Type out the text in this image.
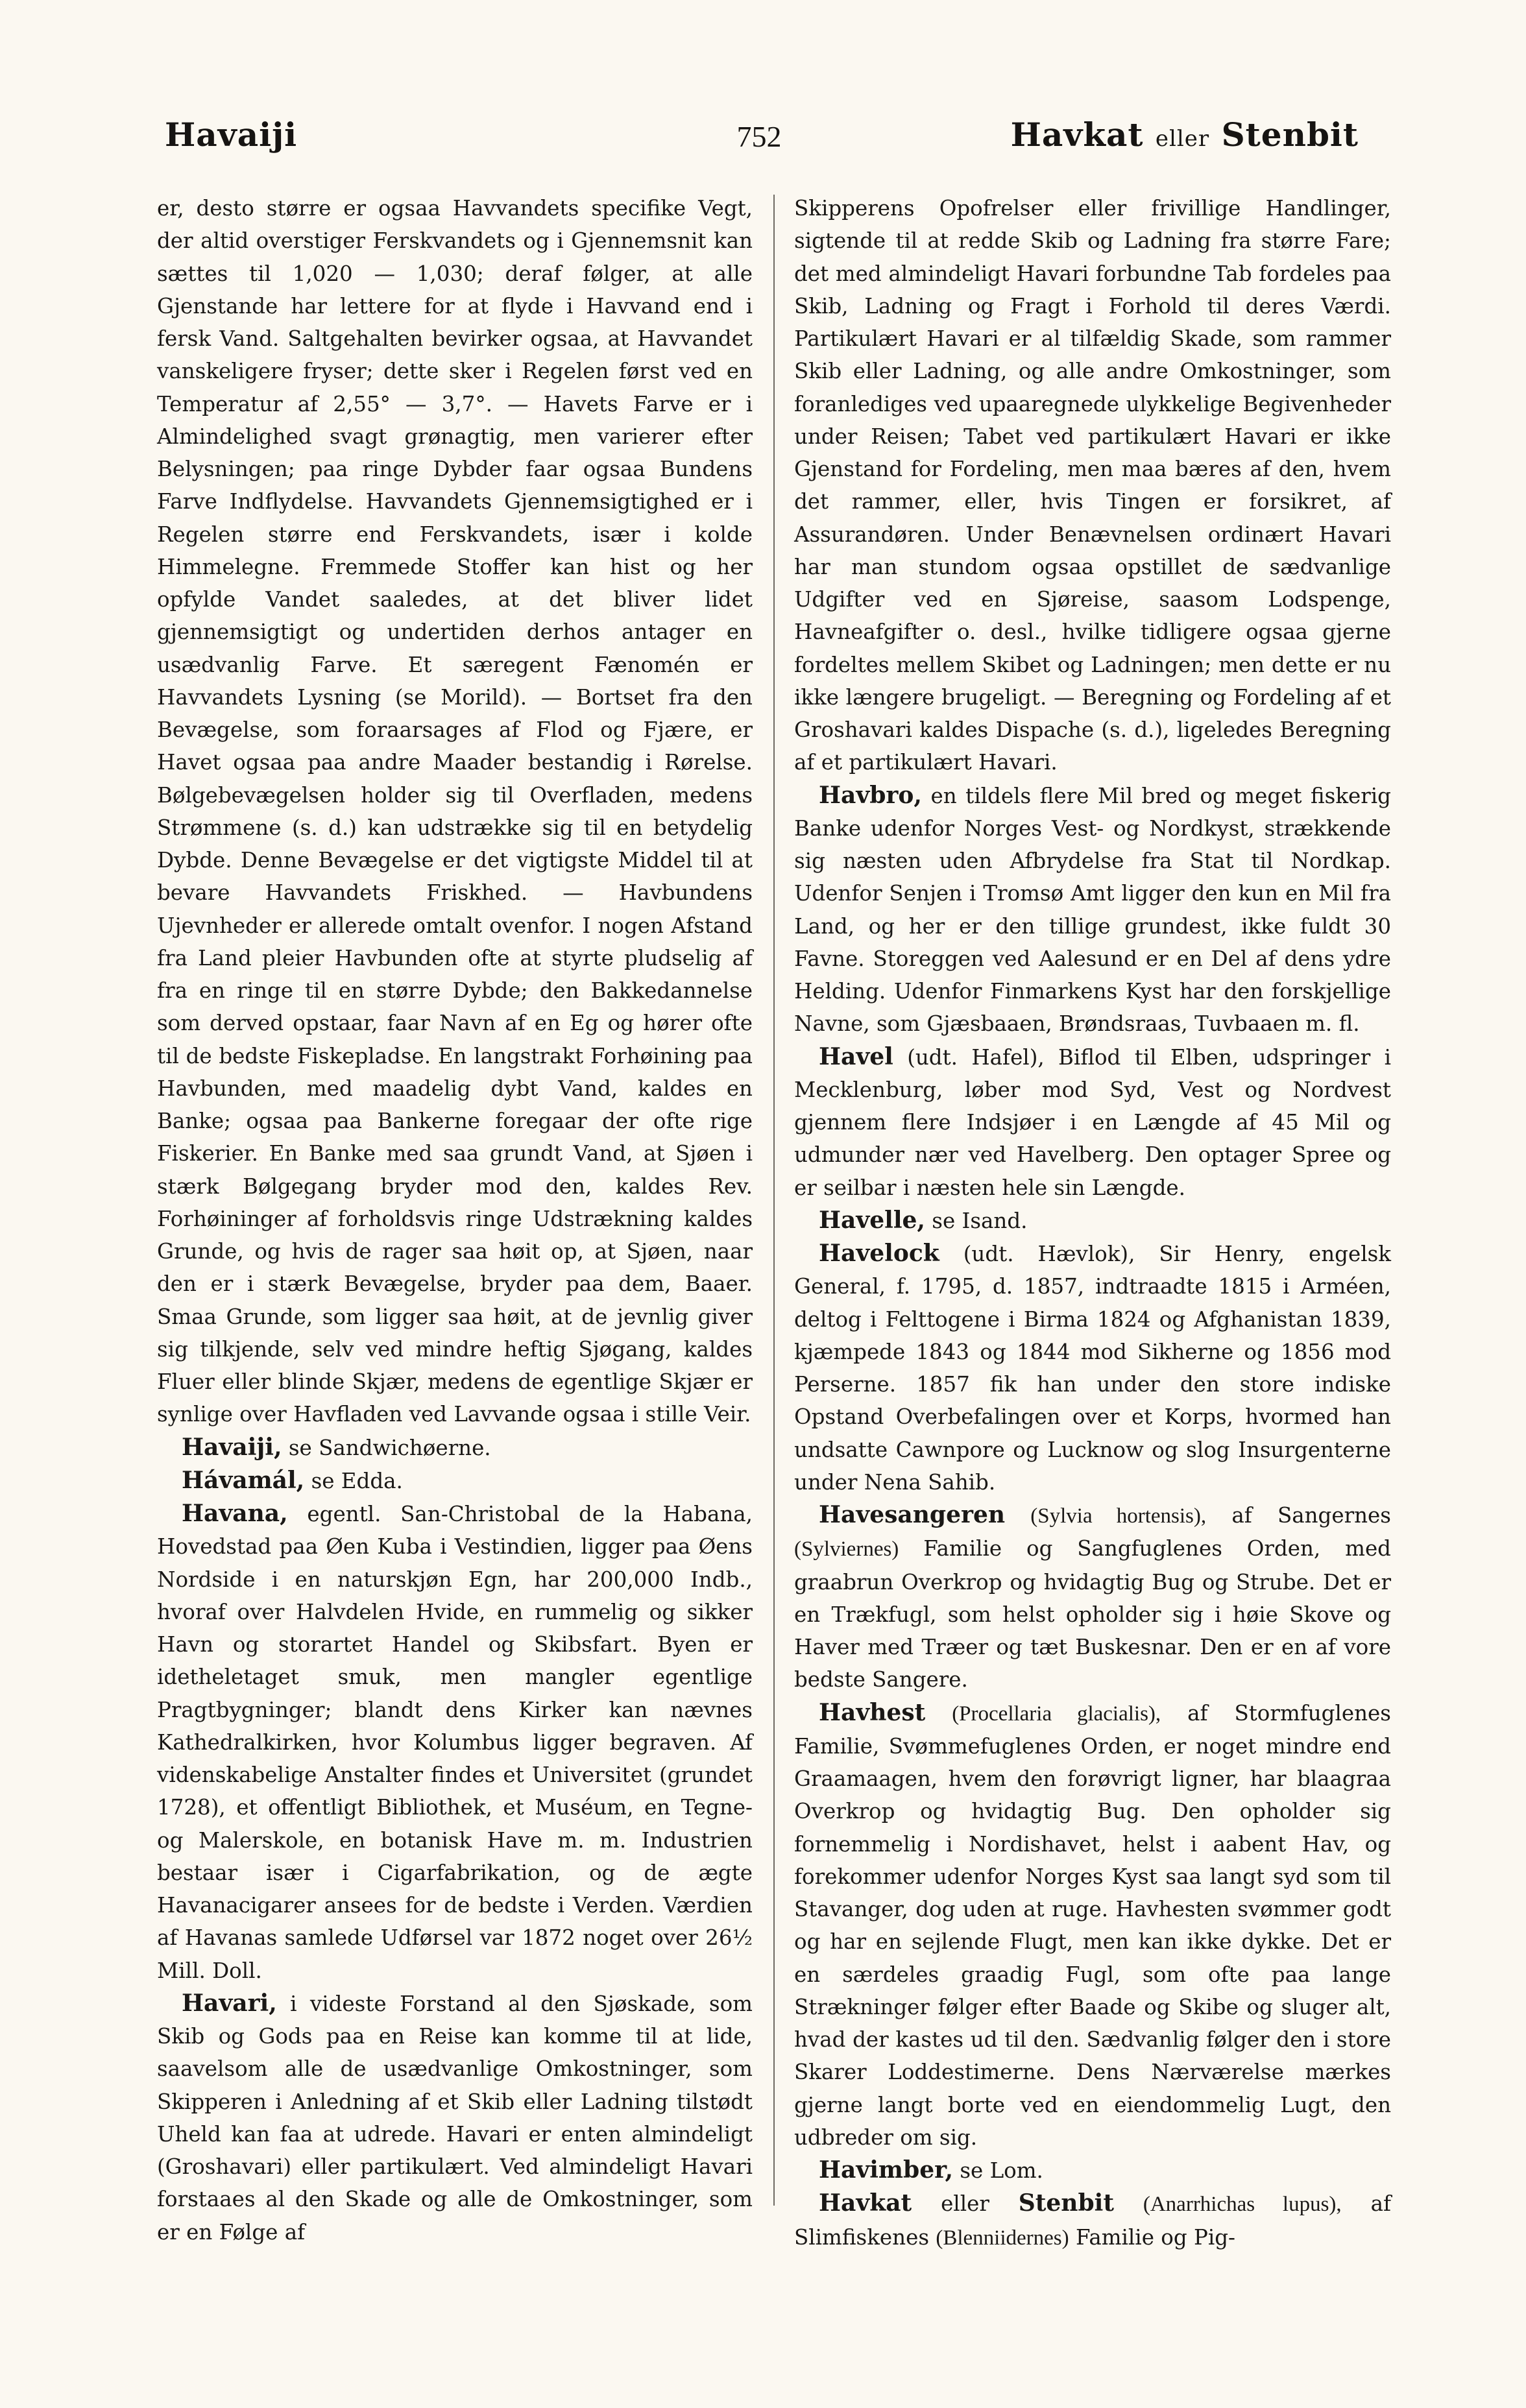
Havaiji	752	Havkat eller Stenbit

er, desto større er ogsaa Havvandets specifike Vegt, der altid overstiger Ferskvandets og i Gjennemsnit kan sættes til 1,020 — 1,030; deraf følger, at alle Gjenstande har lettere for at flyde i Havvand end i fersk Vand. Saltgehalten bevirker ogsaa, at Havvandet vanskeligere fryser; dette sker i Regelen først ved en Temperatur af 2,55° — 3,7°. — Havets Farve er i Almindelighed svagt grønagtig, men varierer efter Belysningen; paa ringe Dybder faar ogsaa Bundens Farve Indflydelse. Havvandets Gjennemsigtighed er i Regelen større end Ferskvandets, især i kolde Himmelegne. Fremmede Stoffer kan hist og her opfylde Vandet saaledes, at det bliver lidet gjennemsigtigt og undertiden derhos antager en usædvanlig Farve. Et særegent Fænomén er Havvandets Lysning (se Morild). — Bortset fra den Bevægelse, som foraarsages af Flod og Fjære, er Havet ogsaa paa andre Maader bestandig i Rørelse. Bølgebevægelsen holder sig til Overfladen, medens Strømmene (s. d.) kan udstrække sig til en betydelig Dybde. Denne Bevægelse er det vigtigste Middel til at bevare Havvandets Friskhed. — Havbundens Ujevnheder er allerede omtalt ovenfor. I nogen Afstand fra Land pleier Havbunden ofte at styrte pludselig af fra en ringe til en større Dybde; den Bakkedannelse som derved opstaar, faar Navn af en Eg og hører ofte til de bedste Fiskepladse. En langstrakt Forhøining paa Havbunden, med maadelig dybt Vand, kaldes en Banke; ogsaa paa Bankerne foregaar der ofte rige Fiskerier. En Banke med saa grundt Vand, at Sjøen i stærk Bølgegang bryder mod den, kaldes Rev. Forhøininger af forholdsvis ringe Udstrækning kaldes Grunde, og hvis de rager saa høit op, at Sjøen, naar den er i stærk Bevægelse, bryder paa dem, Baaer. Smaa Grunde, som ligger saa høit, at de jevnlig giver sig tilkjende, selv ved mindre heftig Sjøgang, kaldes Fluer eller blinde Skjær, medens de egentlige Skjær er synlige over Havfladen ved Lavvande ogsaa i stille Veir.

Havaiji, se Sandwichøerne.

Hávamál, se Edda.

Havana, egentl. San-Christobal de la Habana, Hovedstad paa Øen Kuba i Vestindien, ligger paa Øens Nordside i en naturskjøn Egn, har 200,000 Indb., hvoraf over Halvdelen Hvide, en rummelig og sikker Havn og storartet Handel og Skibsfart. Byen er idetheletaget smuk, men mangler egentlige Pragtbygninger; blandt dens Kirker kan nævnes Kathedralkirken, hvor Kolumbus ligger begraven. Af videnskabelige Anstalter findes et Universitet (grundet 1728), et offentligt Bibliothek, et Muséum, en Tegne- og Malerskole, en botanisk Have m. m. Industrien bestaar især i Cigarfabrikation, og de ægte Havanacigarer ansees for de bedste i Verden. Værdien af Havanas samlede Udførsel var 1872 noget over 26½ Mill. Doll.

Havari, i videste Forstand al den Sjøskade, som Skib og Gods paa en Reise kan komme til at lide, saavelsom alle de usædvanlige Omkostninger, som Skipperen i Anledning af et Skib eller Ladning tilstødt Uheld kan faa at udrede. Havari er enten almindeligt (Groshavari) eller partikulært. Ved almindeligt Havari forstaaes al den Skade og alle de Omkostninger, som er en Følge af

Skipperens Opofrelser eller frivillige Handlinger, sigtende til at redde Skib og Ladning fra større Fare; det med almindeligt Havari forbundne Tab fordeles paa Skib, Ladning og Fragt i Forhold til deres Værdi. Partikulært Havari er al tilfældig Skade, som rammer Skib eller Ladning, og alle andre Omkostninger, som foranlediges ved upaaregnede ulykkelige Begivenheder under Reisen; Tabet ved partikulært Havari er ikke Gjenstand for Fordeling, men maa bæres af den, hvem det rammer, eller, hvis Tingen er forsikret, af Assurandøren. Under Benævnelsen ordinært Havari har man stundom ogsaa opstillet de sædvanlige Udgifter ved en Sjøreise, saasom Lodspenge, Havneafgifter o. desl., hvilke tidligere ogsaa gjerne fordeltes mellem Skibet og Ladningen; men dette er nu ikke længere brugeligt. — Beregning og Fordeling af et Groshavari kaldes Dispache (s. d.), ligeledes Beregning af et partikulært Havari.

Havbro, en tildels flere Mil bred og meget fiskerig Banke udenfor Norges Vest- og Nordkyst, strækkende sig næsten uden Afbrydelse fra Stat til Nordkap. Udenfor Senjen i Tromsø Amt ligger den kun en Mil fra Land, og her er den tillige grundest, ikke fuldt 30 Favne. Storeggen ved Aalesund er en Del af dens ydre Helding. Udenfor Finmarkens Kyst har den forskjellige Navne, som Gjæsbaaen, Brøndsraas, Tuvbaaen m. fl.

Havel (udt. Hafel), Biflod til Elben, udspringer i Mecklenburg, løber mod Syd, Vest og Nordvest gjennem flere Indsjøer i en Længde af 45 Mil og udmunder nær ved Havelberg. Den optager Spree og er seilbar i næsten hele sin Længde.

Havelle, se Isand.

Havelock (udt. Hævlok), Sir Henry, engelsk General, f. 1795, d. 1857, indtraadte 1815 i Arméen, deltog i Felttogene i Birma 1824 og Afghanistan 1839, kjæmpede 1843 og 1844 mod Sikherne og 1856 mod Perserne. 1857 fik han under den store indiske Opstand Overbefalingen over et Korps, hvormed han undsatte Cawnpore og Lucknow og slog Insurgenterne under Nena Sahib.

Havesangeren (Sylvia hortensis), af Sangernes (Sylviernes) Familie og Sangfuglenes Orden, med graabrun Overkrop og hvidagtig Bug og Strube. Det er en Trækfugl, som helst opholder sig i høie Skove og Haver med Træer og tæt Buskesnar. Den er en af vore bedste Sangere.

Havhest (Procellaria glacialis), af Stormfuglenes Familie, Svømmefuglenes Orden, er noget mindre end Graamaagen, hvem den forøvrigt ligner, har blaagraa Overkrop og hvidagtig Bug. Den opholder sig fornemmelig i Nordishavet, helst i aabent Hav, og forekommer udenfor Norges Kyst saa langt syd som til Stavanger, dog uden at ruge. Havhesten svømmer godt og har en sejlende Flugt, men kan ikke dykke. Det er en særdeles graadig Fugl, som ofte paa lange Strækninger følger efter Baade og Skibe og sluger alt, hvad der kastes ud til den. Sædvanlig følger den i store Skarer Loddestimerne. Dens Nærværelse mærkes gjerne langt borte ved en eiendommelig Lugt, den udbreder om sig.

Havimber, se Lom.

Havkat eller Stenbit (Anarrhichas lupus), af Slimfiskenes (Blenniidernes) Familie og Pig-
